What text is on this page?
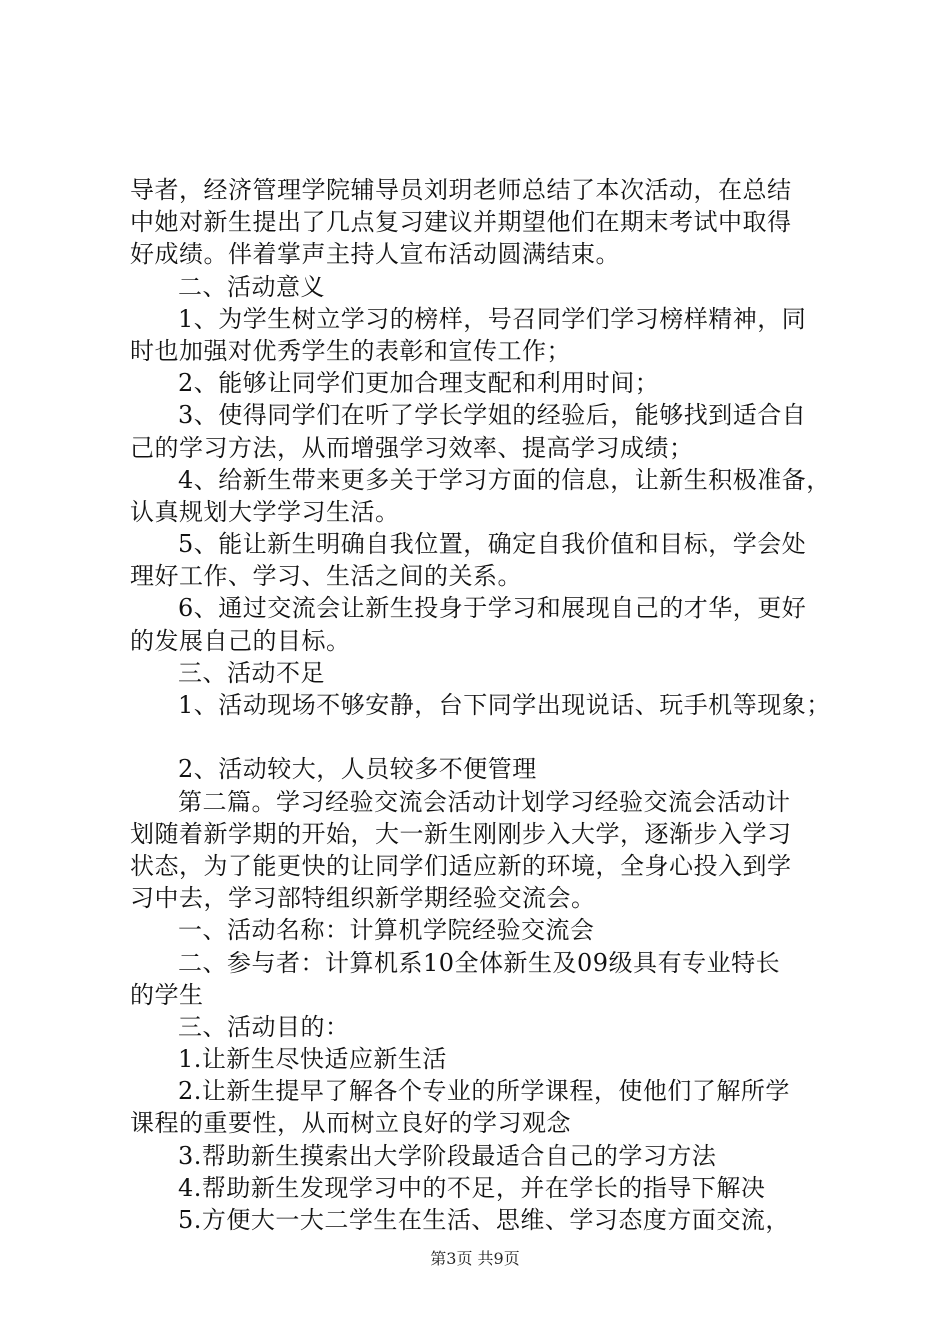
导者，经济管理学院辅导员刘玥老师总结了本次活动，在总结
中她对新生提出了几点复习建议并期望他们在期末考试中取得
好成绩。伴着掌声主持人宣布活动圆满结束。
二、活动意义
1、为学生树立学习的榜样，号召同学们学习榜样精神，同
时也加强对优秀学生的表彰和宣传工作；
2、能够让同学们更加合理支配和利用时间；
3、使得同学们在听了学长学姐的经验后，能够找到适合自
己的学习方法，从而增强学习效率、提高学习成绩；
4、给新生带来更多关于学习方面的信息，让新生积极准备，
认真规划大学学习生活。
5、能让新生明确自我位置，确定自我价值和目标，学会处
理好工作、学习、生活之间的关系。
6、通过交流会让新生投身于学习和展现自己的才华，更好
的发展自己的目标。
三、活动不足
1、活动现场不够安静，台下同学出现说话、玩手机等现象；
2、活动较大，人员较多不便管理
第二篇。学习经验交流会活动计划学习经验交流会活动计
划随着新学期的开始，大一新生刚刚步入大学，逐渐步入学习
状态，为了能更快的让同学们适应新的环境，全身心投入到学
习中去，学习部特组织新学期经验交流会。
一、活动名称：计算机学院经验交流会
二、参与者：计算机系10全体新生及09级具有专业特长
的学生
三、活动目的：
1.让新生尽快适应新生活
2.让新生提早了解各个专业的所学课程，使他们了解所学
课程的重要性，从而树立良好的学习观念
3.帮助新生摸索出大学阶段最适合自己的学习方法
4.帮助新生发现学习中的不足，并在学长的指导下解决
5.方便大一大二学生在生活、思维、学习态度方面交流，
第3页 共9页
